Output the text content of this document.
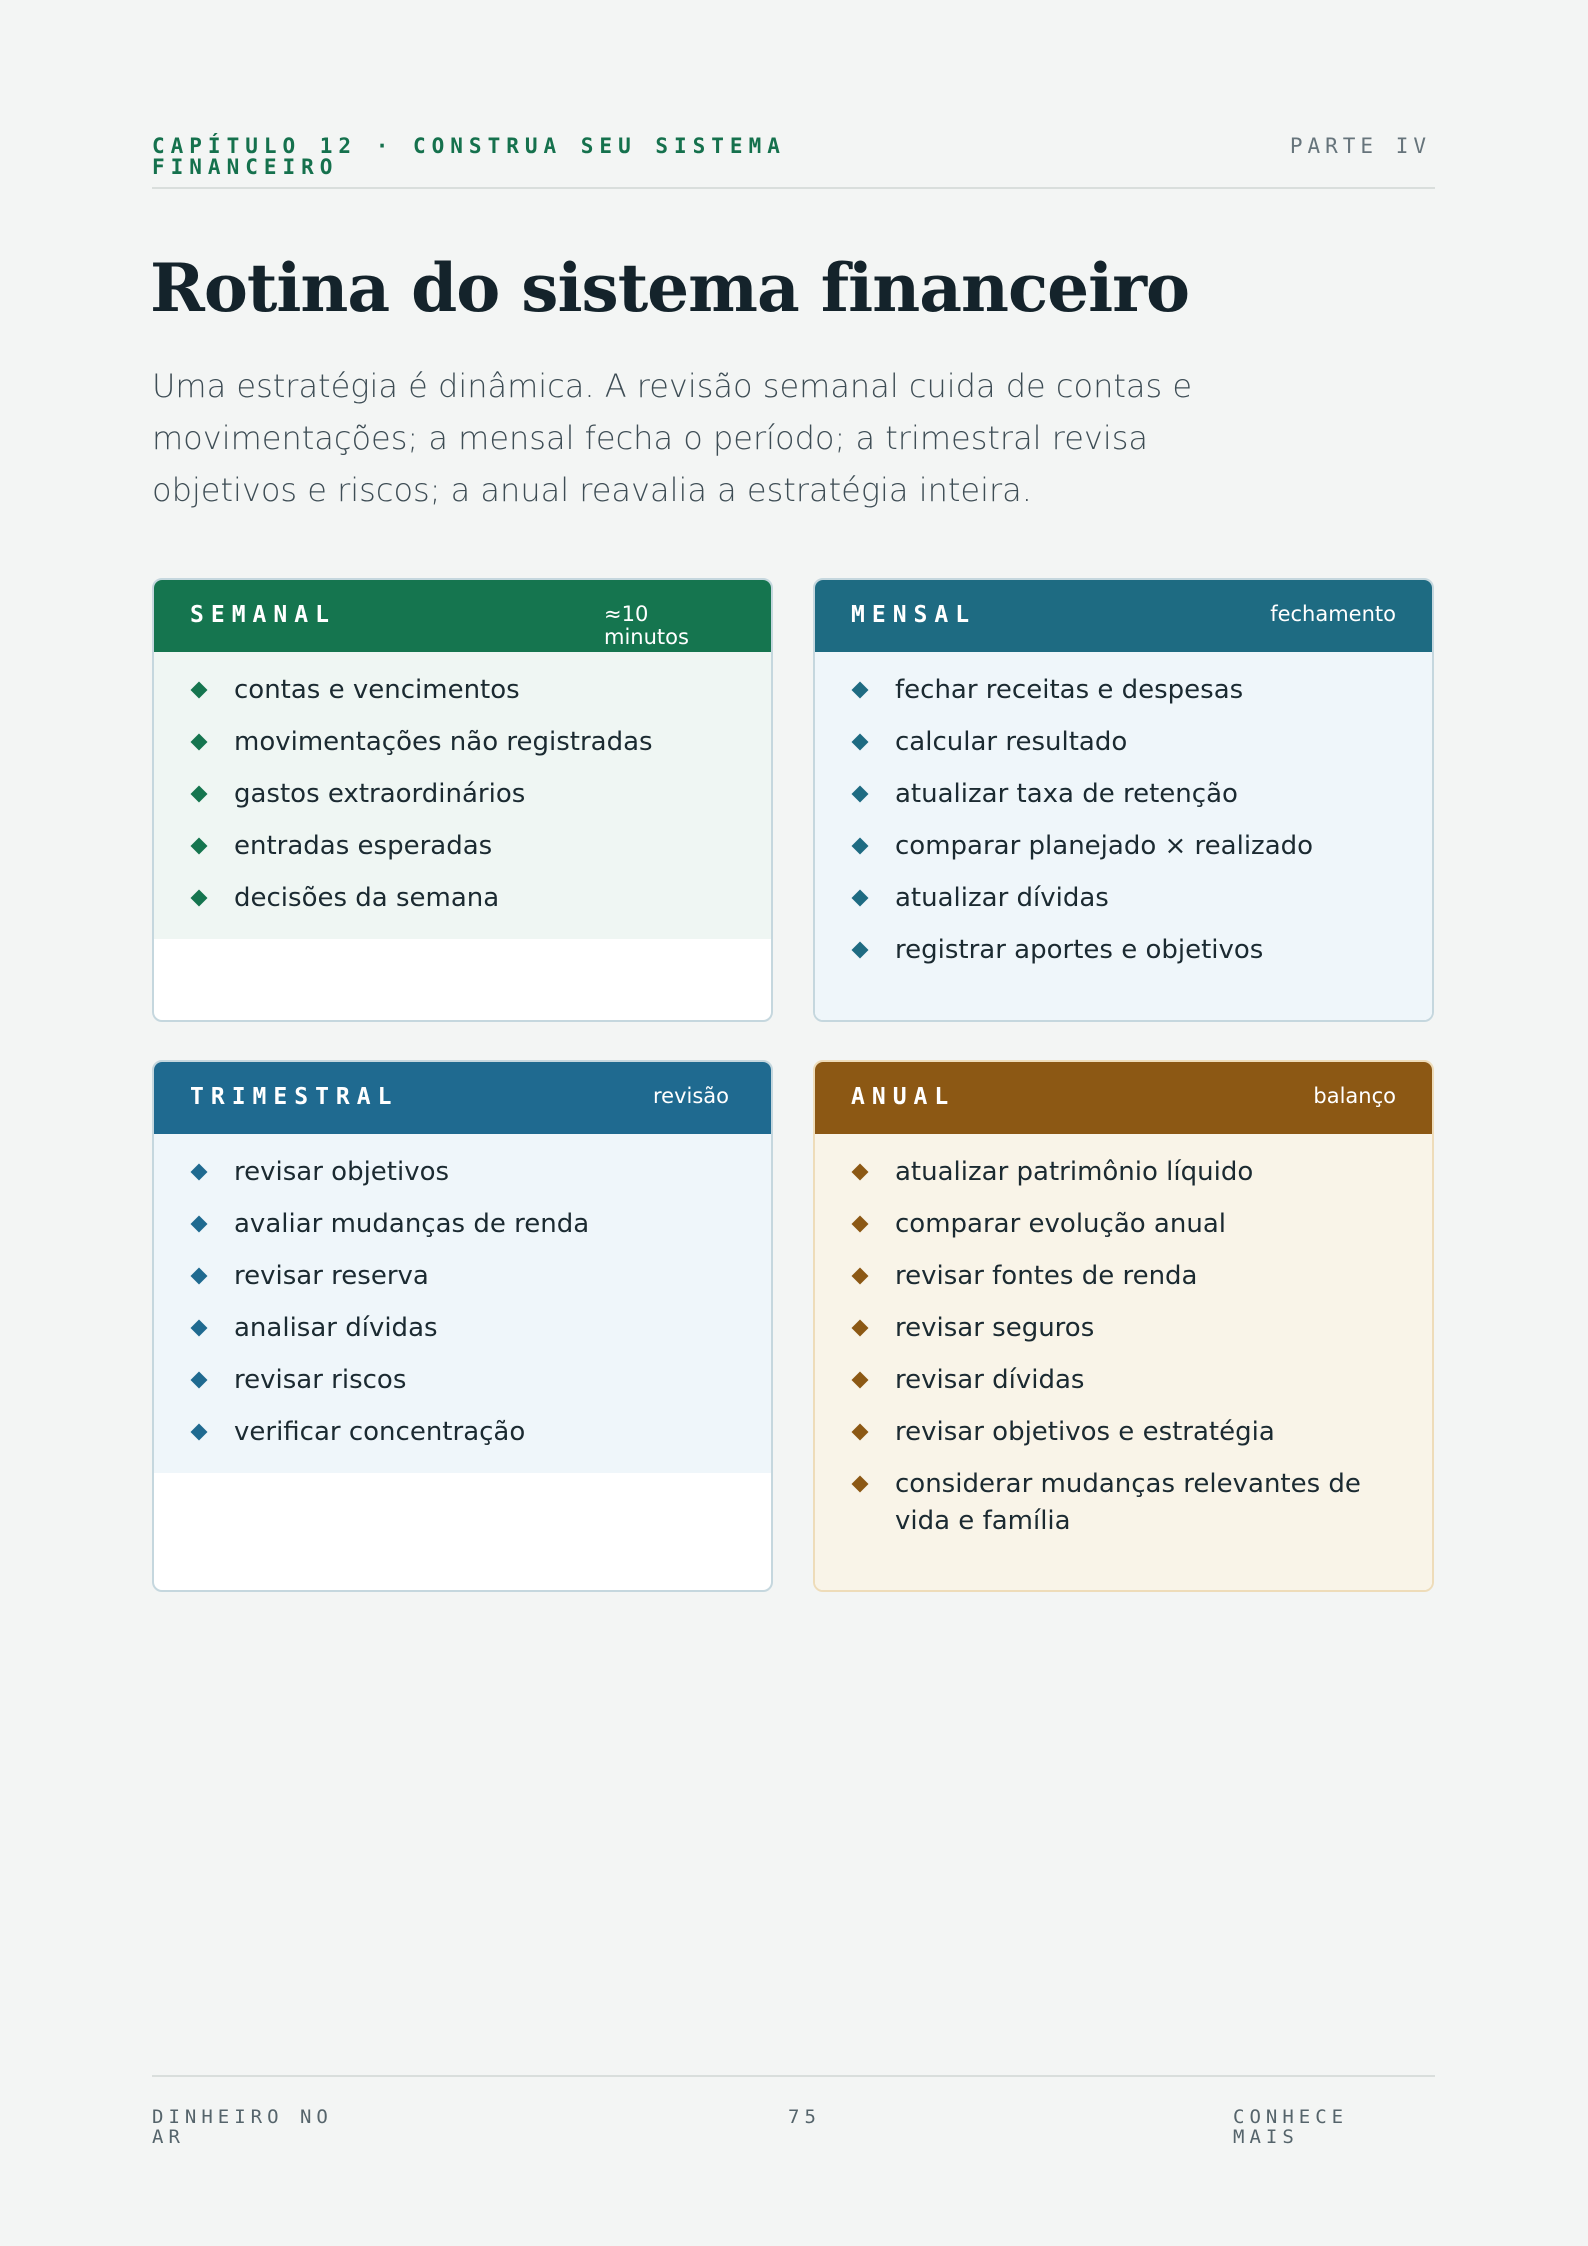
CAPÍTULO 12 · CONSTRUA SEU SISTEMA FINANCEIRO
PARTE IV
Rotina do sistema financeiro

Uma estratégia é dinâmica. A revisão semanal cuida de contas e movimentações; a mensal fecha o período; a trimestral revisa objetivos e riscos; a anual reavalia a estratégia inteira.

SEMANAL	≈10 minutos
contas e vencimentos
movimentações não registradas
gastos extraordinários
entradas esperadas
decisões da semana
MENSAL	fechamento
fechar receitas e despesas
calcular resultado
atualizar taxa de retenção
comparar planejado × realizado
atualizar dívidas
registrar aportes e objetivos
TRIMESTRAL	revisão
revisar objetivos
avaliar mudanças de renda
revisar reserva
analisar dívidas
revisar riscos
verificar concentração
ANUAL	balanço
atualizar patrimônio líquido
comparar evolução anual
revisar fontes de renda
revisar seguros
revisar dívidas
revisar objetivos e estratégia
considerar mudanças relevantes de vida e família
DINHEIRO NO AR
75	CONHECE MAIS
